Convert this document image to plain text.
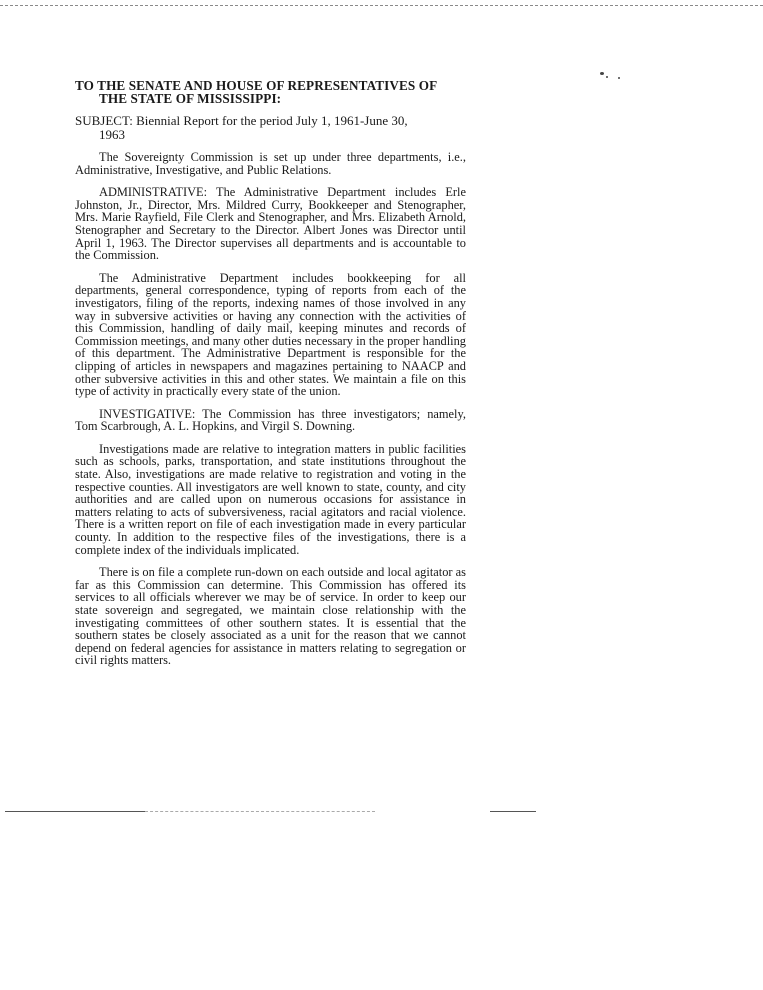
TO THE SENATE AND HOUSE OF REPRESENTATIVES OF
THE STATE OF MISSISSIPPI:
SUBJECT: Biennial Report for the period July 1, 1961-June 30,
1963

The Sovereignty Commission is set up under three departments, i.e., Administrative, Investigative, and Public Relations.

ADMINISTRATIVE: The Administrative Department includes Erle Johnston, Jr., Director, Mrs. Mildred Curry, Bookkeeper and Stenographer, Mrs. Marie Rayfield, File Clerk and Stenographer, and Mrs. Elizabeth Arnold, Stenographer and Secretary to the Director. Albert Jones was Director until April 1, 1963. The Director supervises all departments and is accountable to the Commission.

The Administrative Department includes bookkeeping for all departments, general correspondence, typing of reports from each of the investigators, filing of the reports, indexing names of those involved in any way in subversive activities or having any connection with the activities of this Commission, handling of daily mail, keeping minutes and records of Commission meetings, and many other duties necessary in the proper handling of this department. The Administrative Department is responsible for the clipping of articles in newspapers and magazines pertaining to NAACP and other subversive activities in this and other states. We maintain a file on this type of activity in practically every state of the union.

INVESTIGATIVE: The Commission has three investigators; namely, Tom Scarbrough, A. L. Hopkins, and Virgil S. Downing.

Investigations made are relative to integration matters in public facilities such as schools, parks, transportation, and state institutions throughout the state. Also, investigations are made relative to registration and voting in the respective counties. All investigators are well known to state, county, and city authorities and are called upon on numerous occasions for assistance in matters relating to acts of subversiveness, racial agitators and racial violence. There is a written report on file of each investigation made in every particular county. In addition to the respective files of the investigations, there is a complete index of the individuals implicated.

There is on file a complete run-down on each outside and local agitator as far as this Commission can determine. This Commission has offered its services to all officials wherever we may be of service. In order to keep our state sovereign and segregated, we maintain close relationship with the investigating committees of other southern states. It is essential that the southern states be closely associated as a unit for the reason that we cannot depend on federal agencies for assistance in matters relating to segregation or civil rights matters.
